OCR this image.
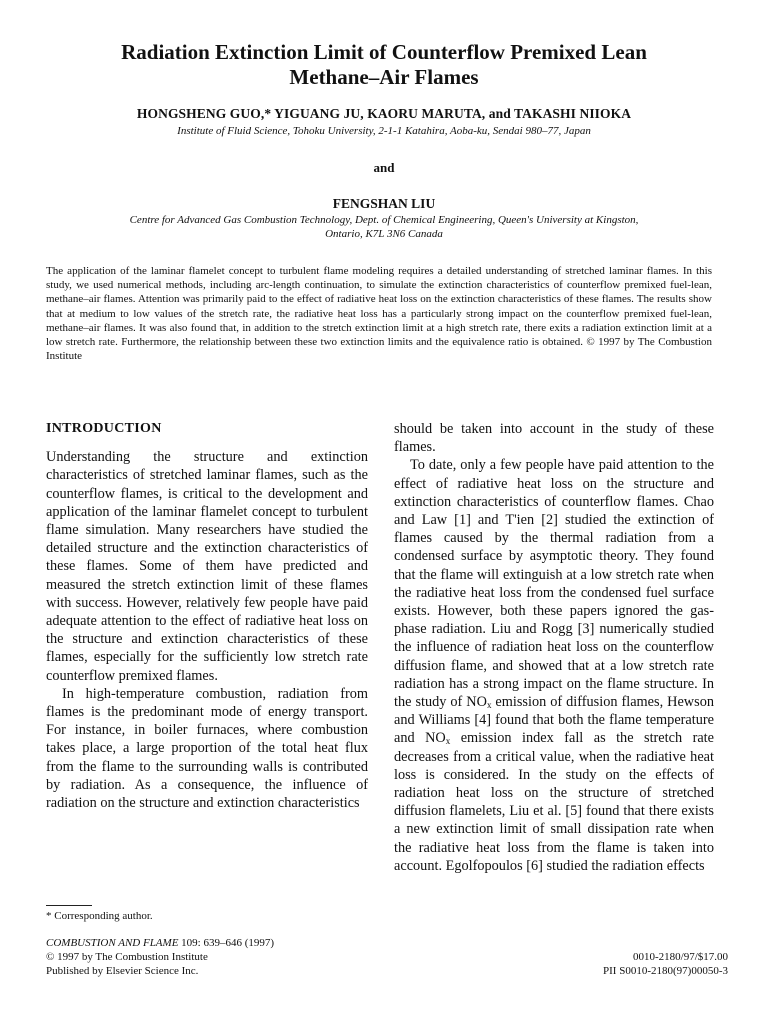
Radiation Extinction Limit of Counterflow Premixed Lean
Methane–Air Flames
HONGSHENG GUO,* YIGUANG JU, KAORU MARUTA, and TAKASHI NIIOKA
Institute of Fluid Science, Tohoku University, 2-1-1 Katahira, Aoba-ku, Sendai 980–77, Japan
and
FENGSHAN LIU
Centre for Advanced Gas Combustion Technology, Dept. of Chemical Engineering, Queen's University at Kingston,
Ontario, K7L 3N6 Canada

The application of the laminar flamelet concept to turbulent flame modeling requires a detailed understanding of stretched laminar flames. In this study, we used numerical methods, including arc-length continuation, to simulate the extinction characteristics of counterflow premixed fuel-lean, methane–air flames. Attention was primarily paid to the effect of radiative heat loss on the extinction characteristics of these flames. The results show that at medium to low values of the stretch rate, the radiative heat loss has a particularly strong impact on the counterflow premixed fuel-lean, methane–air flames. It was also found that, in addition to the stretch extinction limit at a high stretch rate, there exits a radiation extinction limit at a low stretch rate. Furthermore, the relationship between these two extinction limits and the equivalence ratio is obtained. © 1997 by The Combustion Institute

INTRODUCTION

Understanding the structure and extinction characteristics of stretched laminar flames, such as the counterflow flames, is critical to the development and application of the laminar flamelet concept to turbulent flame simulation. Many researchers have studied the detailed structure and the extinction characteristics of these flames. Some of them have predicted and measured the stretch extinction limit of these flames with success. However, relatively few people have paid adequate attention to the effect of radiative heat loss on the structure and extinction characteristics of these flames, especially for the sufficiently low stretch rate counterflow premixed flames.

In high-temperature combustion, radiation from flames is the predominant mode of energy transport. For instance, in boiler furnaces, where combustion takes place, a large proportion of the total heat flux from the flame to the surrounding walls is contributed by radiation. As a consequence, the influence of radiation on the structure and extinction characteristics

should be taken into account in the study of these flames.

To date, only a few people have paid attention to the effect of radiative heat loss on the structure and extinction characteristics of counterflow flames. Chao and Law [1] and T'ien [2] studied the extinction of flames caused by the thermal radiation from a condensed surface by asymptotic theory. They found that the flame will extinguish at a low stretch rate when the radiative heat loss from the condensed fuel surface exists. However, both these papers ignored the gas-phase radiation. Liu and Rogg [3] numerically studied the influence of radiation heat loss on the counterflow diffusion flame, and showed that at a low stretch rate radiation has a strong impact on the flame structure. In the study of $NO_x$ emission of diffusion flames, Hewson and Williams [4] found that both the flame temperature and $NO_x$ emission index fall as the stretch rate decreases from a critical value, when the radiative heat loss is considered. In the study on the effects of radiation heat loss on the structure of stretched diffusion flamelets, Liu et al. [5] found that there exists a new extinction limit of small dissipation rate when the radiative heat loss from the flame is taken into account. Egolfopoulos [6] studied the radiation effects

* Corresponding author.
COMBUSTION AND FLAME 109: 639–646 (1997)
© 1997 by The Combustion Institute
Published by Elsevier Science Inc.
0010-2180/97/$17.00
PII S0010-2180(97)00050-3
